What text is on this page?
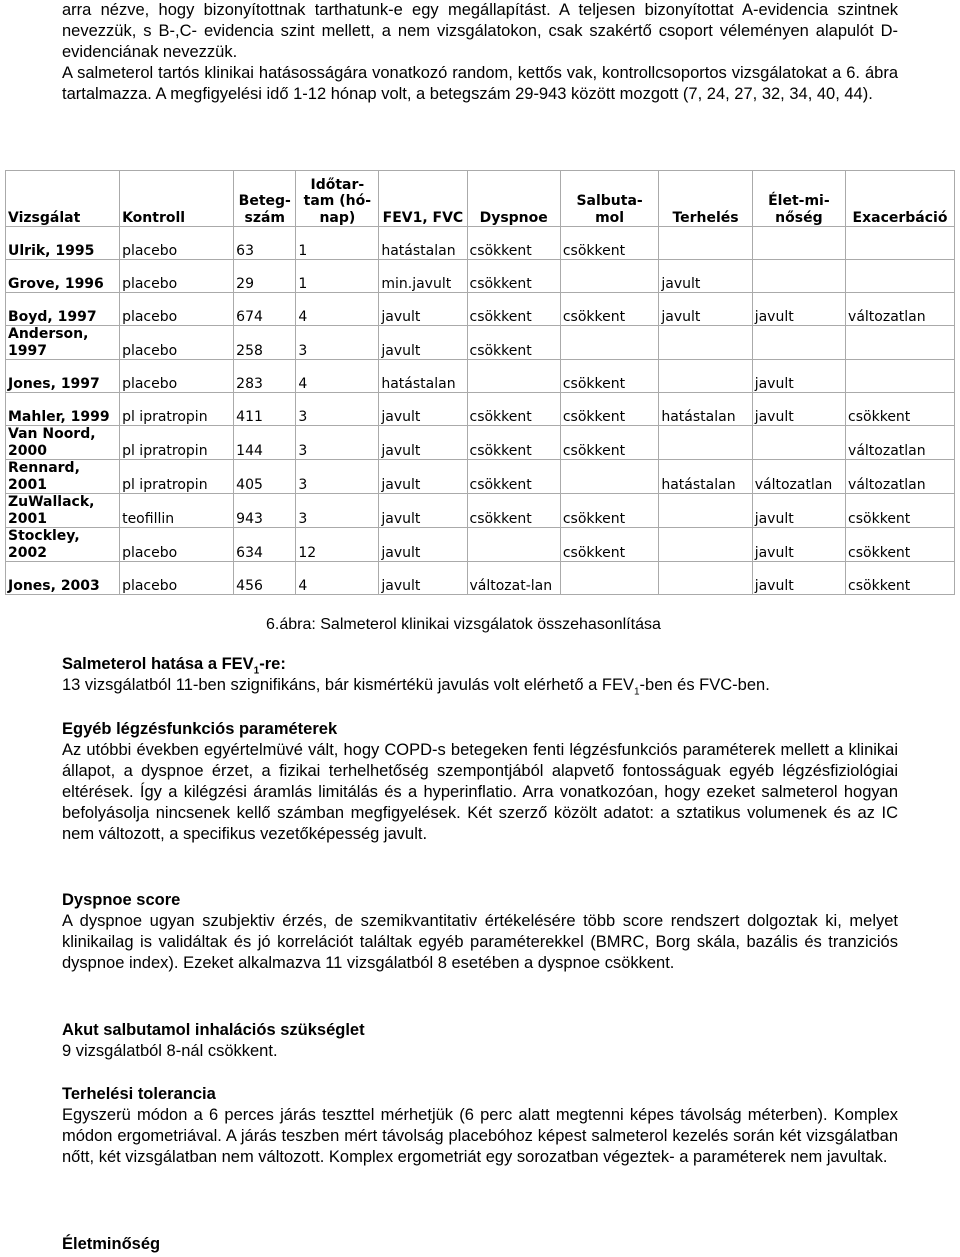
arra nézve, hogy bizonyítottnak tarthatunk-e egy megállapítást. A teljesen bizonyítottat A-evidencia szintnek nevezzük, s B-,C- evidencia szint mellett, a nem vizsgálatokon, csak szakértő csoport véleményen alapulót D-evidenciának nevezzük.

A salmeterol tartós klinikai hatásosságára vonatkozó random, kettős vak, kontrollcsoportos vizsgálatokat a 6. ábra tartalmazza. A megfigyelési idő 1-12 hónap volt, a betegszám 29-943 között mozgott (7, 24, 27, 32, 34, 40, 44).

Vizsgálat	Kontroll	Beteg-szám	Időtar-tam (hó-nap)	FEV1, FVC	Dyspnoe	Salbuta-mol	Terhelés	Élet-mi-nőség	Exacerbáció
Ulrik, 1995	placebo	63	1	hatástalan	csökkent	csökkent			
Grove, 1996	placebo	29	1	min.javult	csökkent		javult		
Boyd, 1997	placebo	674	4	javult	csökkent	csökkent	javult	javult	változatlan
Anderson, 1997	placebo	258	3	javult	csökkent				
Jones, 1997	placebo	283	4	hatástalan		csökkent		javult	
Mahler, 1999	pl ipratropin	411	3	javult	csökkent	csökkent	hatástalan	javult	csökkent
Van Noord, 2000	pl ipratropin	144	3	javult	csökkent	csökkent			változatlan
Rennard, 2001	pl ipratropin	405	3	javult	csökkent		hatástalan	változatlan	változatlan
ZuWallack, 2001	teofillin	943	3	javult	csökkent	csökkent		javult	csökkent
Stockley, 2002	placebo	634	12	javult		csökkent		javult	csökkent
Jones, 2003	placebo	456	4	javult	változat-lan			javult	csökkent
6.ábra: Salmeterol klinikai vizsgálatok összehasonlítása
Salmeterol hatása a $FEV_1-re$:
13 vizsgálatból 11-ben szignifikáns, bár kismértékü javulás volt elérhető a $FEV_1$-ben és FVC-ben.
Egyéb légzésfunkciós paraméterek
Az utóbbi években egyértelmüvé vált, hogy COPD-s betegeken fenti légzésfunkciós paraméterek mellett a klinikai állapot, a dyspnoe érzet, a fizikai terhelhetőség szempontjából alapvető fontosságuak egyéb légzésfiziológiai eltérések. Így a kilégzési áramlás limitálás és a hyperinflatio. Arra vonatkozóan, hogy ezeket salmeterol hogyan befolyásolja nincsenek kellő számban megfigyelések. Két szerző közölt adatot: a sztatikus volumenek és az IC nem változott, a specifikus vezetőképesség javult.
Dyspnoe score
A dyspnoe ugyan szubjektiv érzés, de szemikvantitativ értékelésére több score rendszert dolgoztak ki, melyet klinikailag is validáltak és jó korrelációt találtak egyéb paraméterekkel (BMRC, Borg skála, bazális és tranziciós dyspnoe index). Ezeket alkalmazva 11 vizsgálatból 8 esetében a dyspnoe csökkent.
Akut salbutamol inhalációs szükséglet
9 vizsgálatból 8-nál csökkent.
Terhelési tolerancia
Egyszerü módon a 6 perces járás teszttel mérhetjük (6 perc alatt megtenni képes távolság méterben). Komplex módon ergometriával. A járás teszben mért távolság placebóhoz képest salmeterol kezelés során két vizsgálatban nőtt, két vizsgálatban nem változott. Komplex ergometriát egy sorozatban végeztek- a paraméterek nem javultak.
Életminőség
